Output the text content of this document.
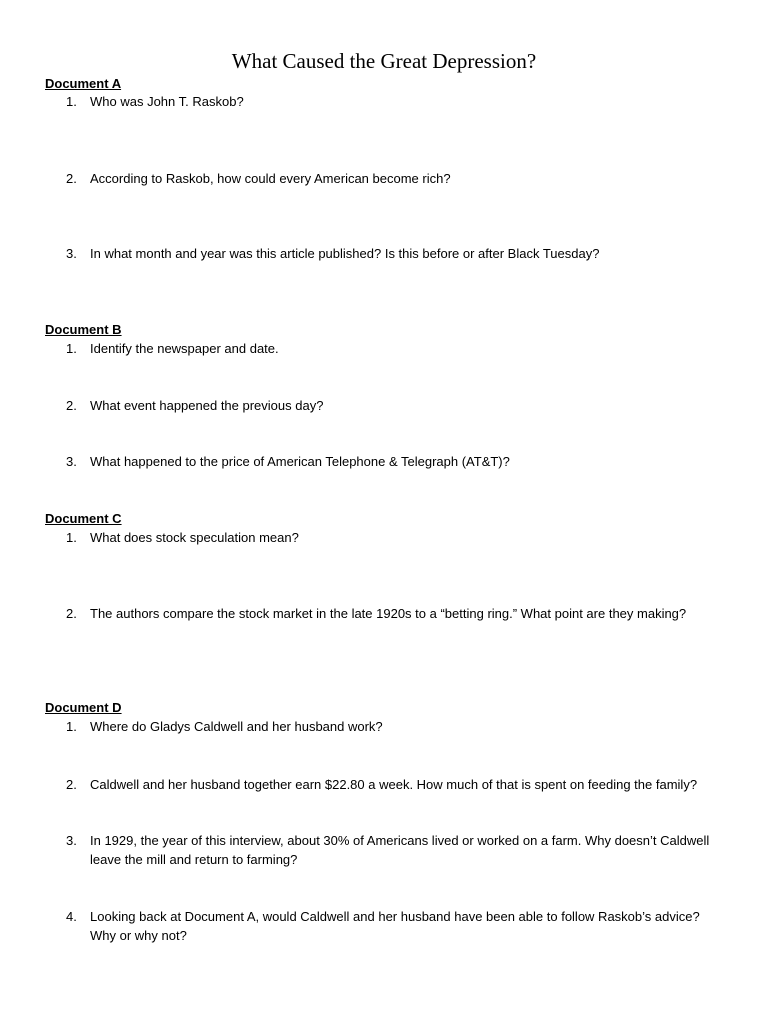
What Caused the Great Depression?
Document A
1.	Who was John T. Raskob?
2.	According to Raskob, how could every American become rich?
3.	In what month and year was this article published? Is this before or after Black Tuesday?
Document B
1.	Identify the newspaper and date.
2.	What event happened the previous day?
3.	What happened to the price of American Telephone & Telegraph (AT&T)?
Document C
1.	What does stock speculation mean?
2.	The authors compare the stock market in the late 1920s to a “betting ring.” What point are they making?
Document D
1.	Where do Gladys Caldwell and her husband work?
2.	Caldwell and her husband together earn $22.80 a week. How much of that is spent on feeding the family?
3.	In 1929, the year of this interview, about 30% of Americans lived or worked on a farm. Why doesn’t Caldwell leave the mill and return to farming?
4.	Looking back at Document A, would Caldwell and her husband have been able to follow Raskob’s advice? Why or why not?
